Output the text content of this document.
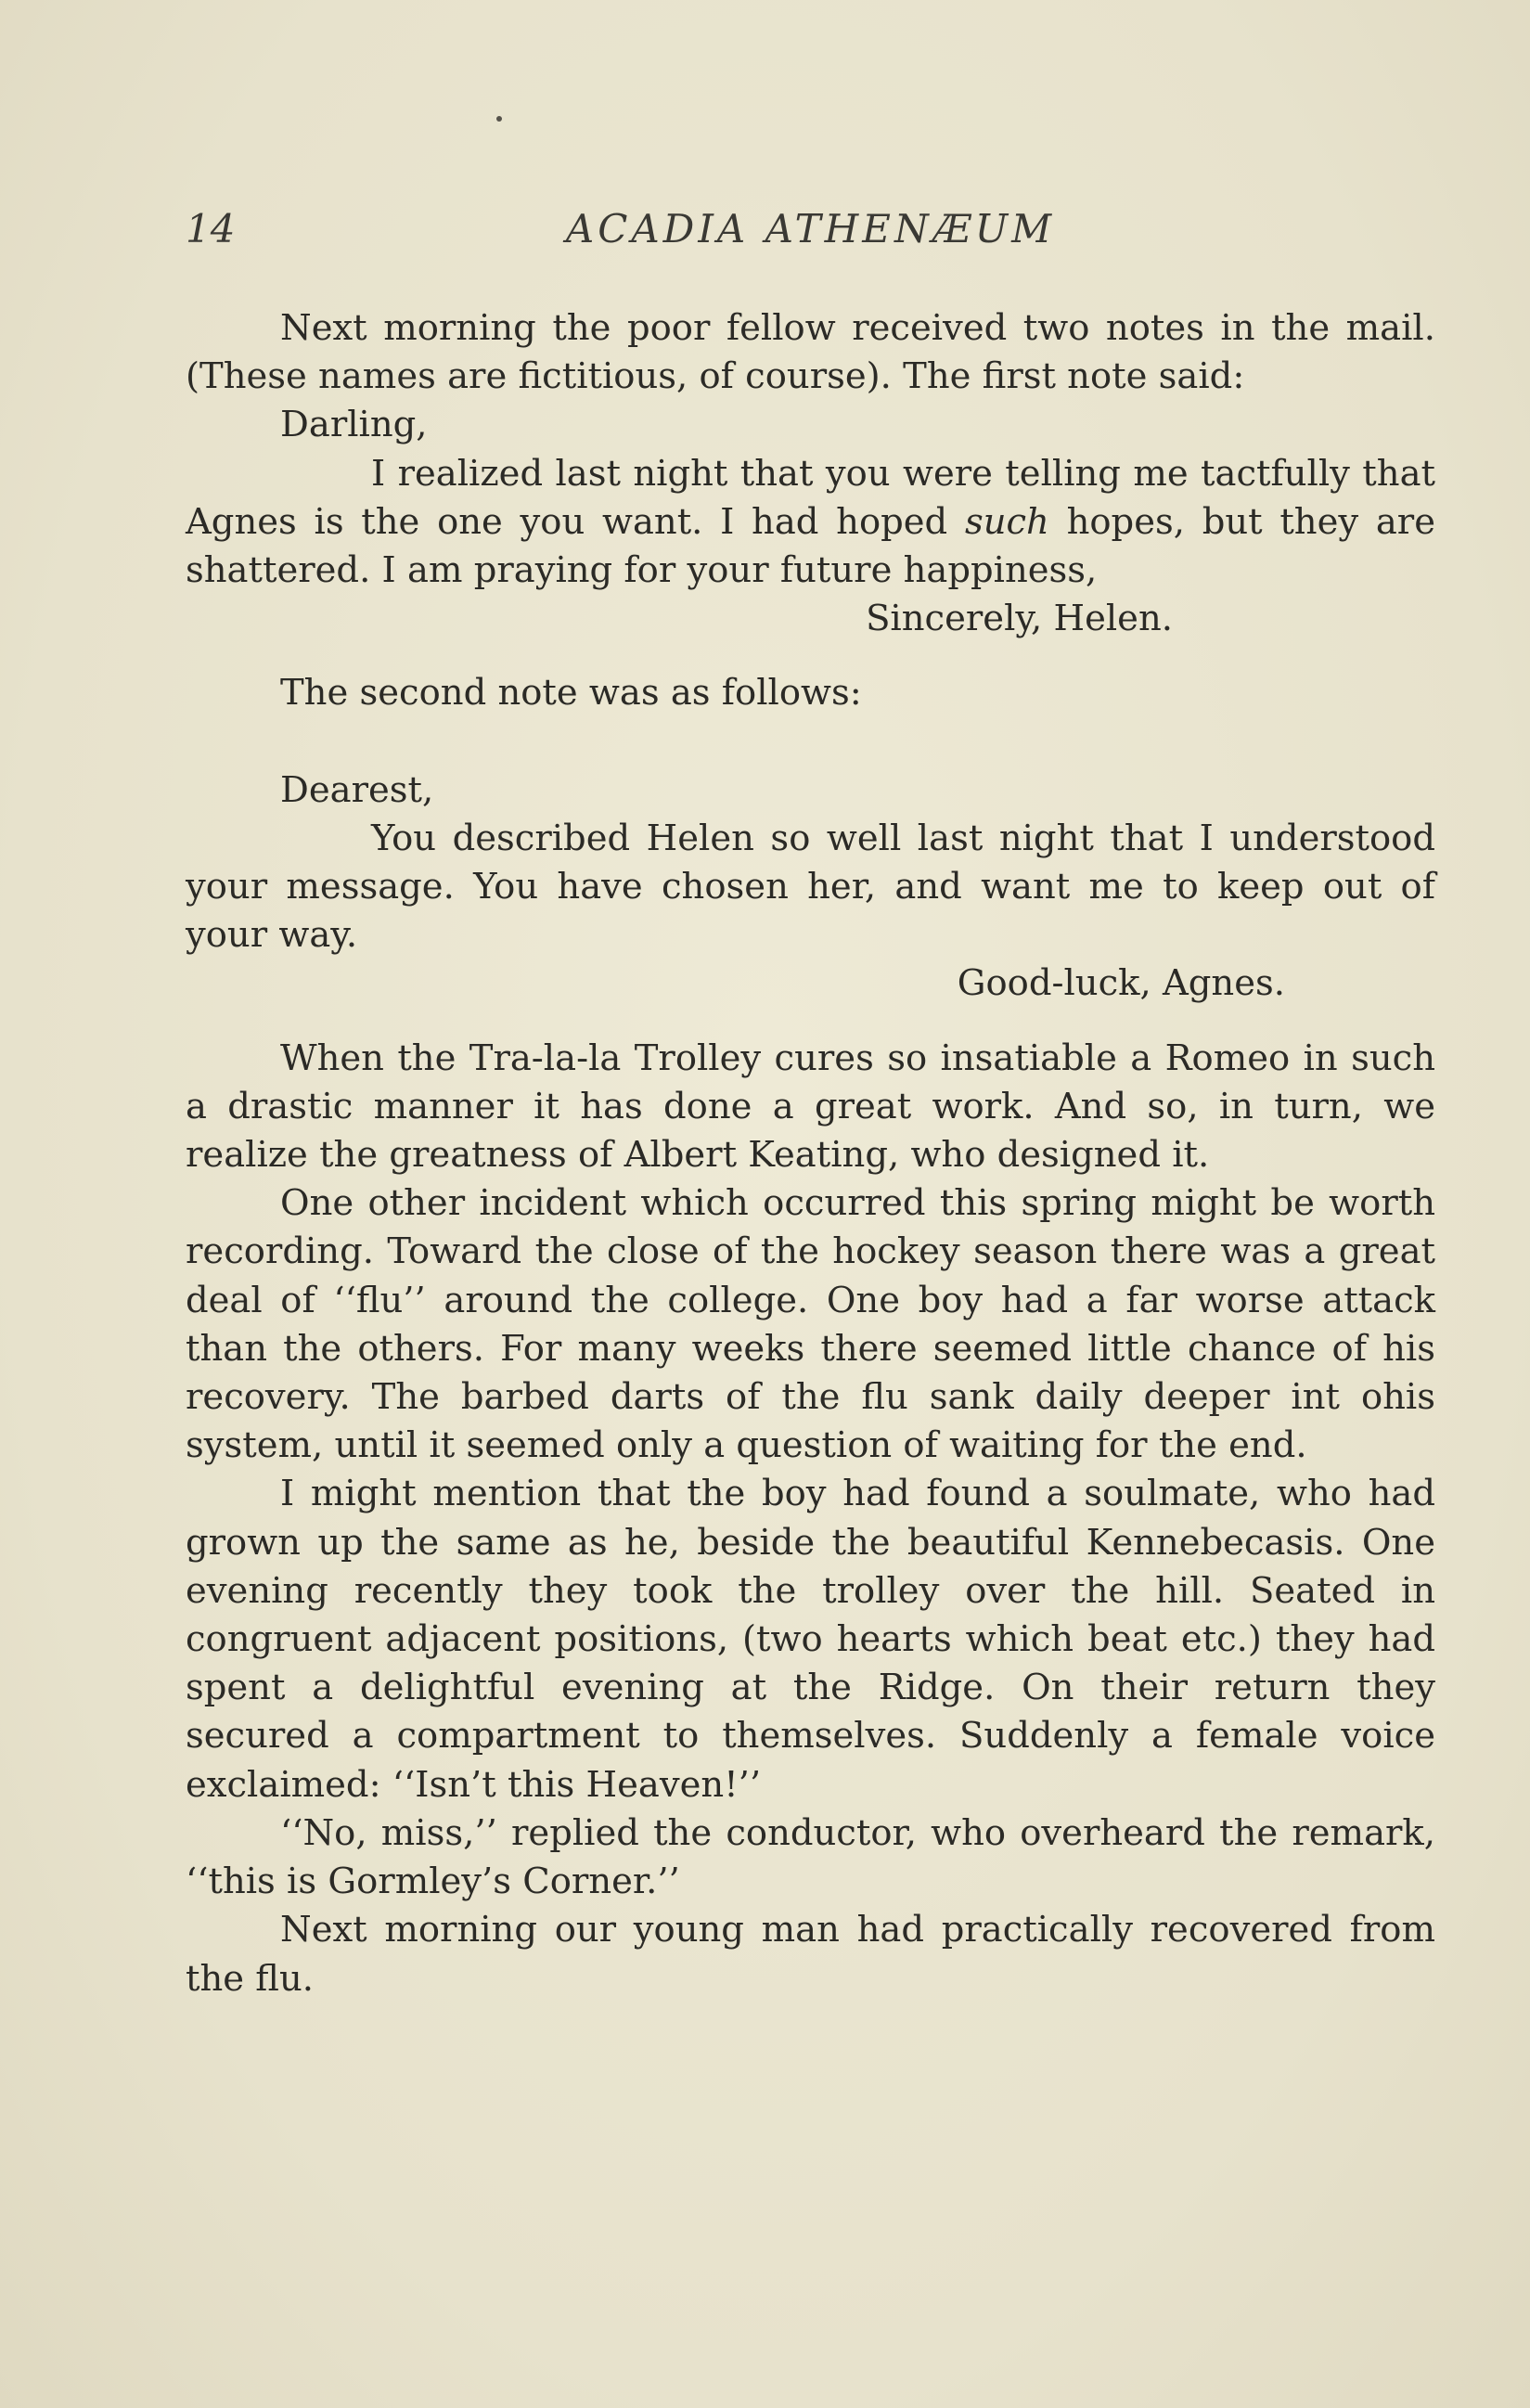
14	ACADIA ATHENÆUM

Next morning the poor fellow received two notes in the mail. (These names are fictitious, of course). The first note said:

Darling,

I realized last night that you were telling me tactfully that Agnes is the one you want. I had hoped such hopes, but they are shattered. I am praying for your future happiness,

Sincerely, Helen.

The second note was as follows:

Dearest,

You described Helen so well last night that I understood your message. You have chosen her, and want me to keep out of your way.

Good-luck, Agnes.

When the Tra-la-la Trolley cures so insatiable a Romeo in such a drastic manner it has done a great work. And so, in turn, we realize the greatness of Albert Keating, who designed it.

One other incident which occurred this spring might be worth recording. Toward the close of the hockey season there was a great deal of ‘‘flu’’ around the college. One boy had a far worse attack than the others. For many weeks there seemed little chance of his recovery. The barbed darts of the flu sank daily deeper int ohis system, until it seemed only a question of waiting for the end.

I might mention that the boy had found a soulmate, who had grown up the same as he, beside the beautiful Kennebecasis. One evening recently they took the trolley over the hill. Seated in congruent adjacent positions, (two hearts which beat etc.) they had spent a delightful evening at the Ridge. On their return they secured a compartment to themselves. Suddenly a female voice exclaimed: ‘‘Isn’t this Heaven!’’

‘‘No, miss,’’ replied the conductor, who overheard the remark, ‘‘this is Gormley’s Corner.’’

Next morning our young man had practically recovered from the flu.
